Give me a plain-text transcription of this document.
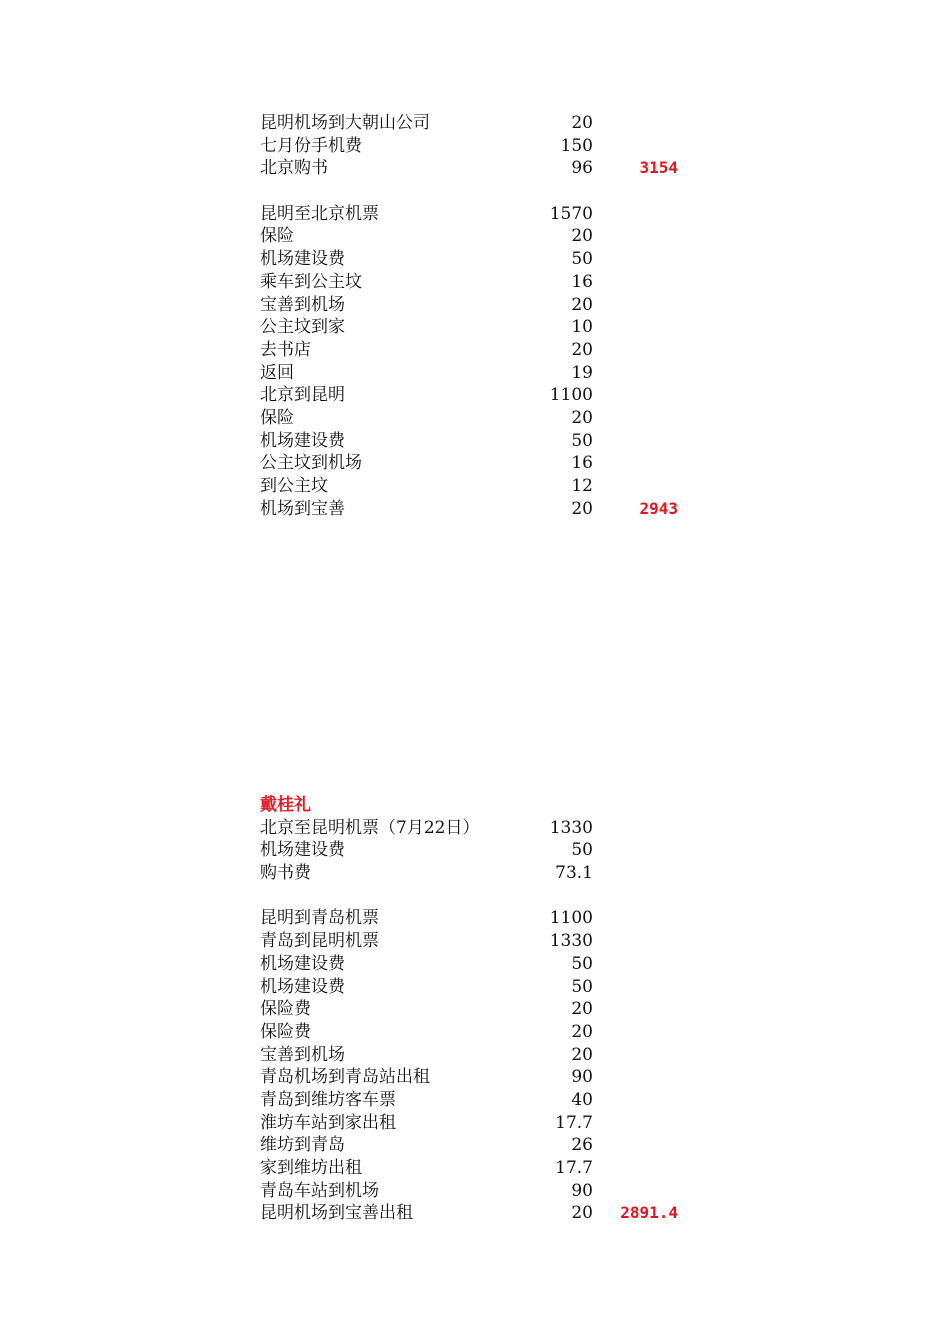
昆明机场到大朝山公司	20
七月份手机费	150
北京购书	96	3154
昆明至北京机票	1570
保险	20
机场建设费	50
乘车到公主坟	16
宝善到机场	20
公主坟到家	10
去书店	20
返回	19
北京到昆明	1100
保险	20
机场建设费	50
公主坟到机场	16
到公主坟	12
机场到宝善	20	2943
戴桂礼
北京至昆明机票（7月22日）	1330
机场建设费	50
购书费	73.1
昆明到青岛机票	1100
青岛到昆明机票	1330
机场建设费	50
机场建设费	50
保险费	20
保险费	20
宝善到机场	20
青岛机场到青岛站出租	90
青岛到维坊客车票	40
淮坊车站到家出租	17.7
维坊到青岛	26
家到维坊出租	17.7
青岛车站到机场	90
昆明机场到宝善出租	20 2891.4
